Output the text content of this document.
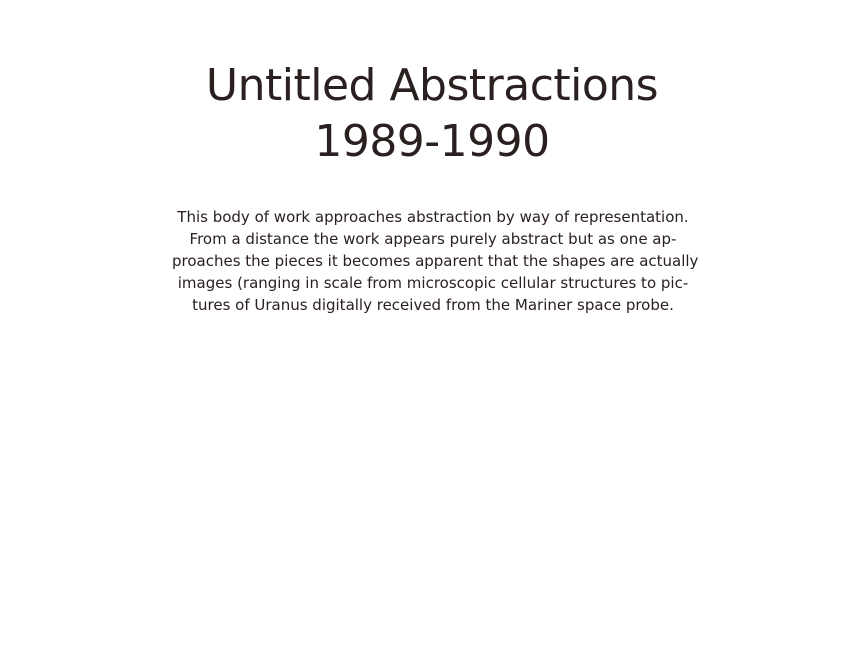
Untitled Abstractions
1989-1990
This body of work approaches abstraction by way of representation.
From a distance the work appears purely abstract but as one ap-
proaches the pieces it becomes apparent that the shapes are actually
images (ranging in scale from microscopic cellular structures to pic-
tures of Uranus digitally received from the Mariner space probe.
